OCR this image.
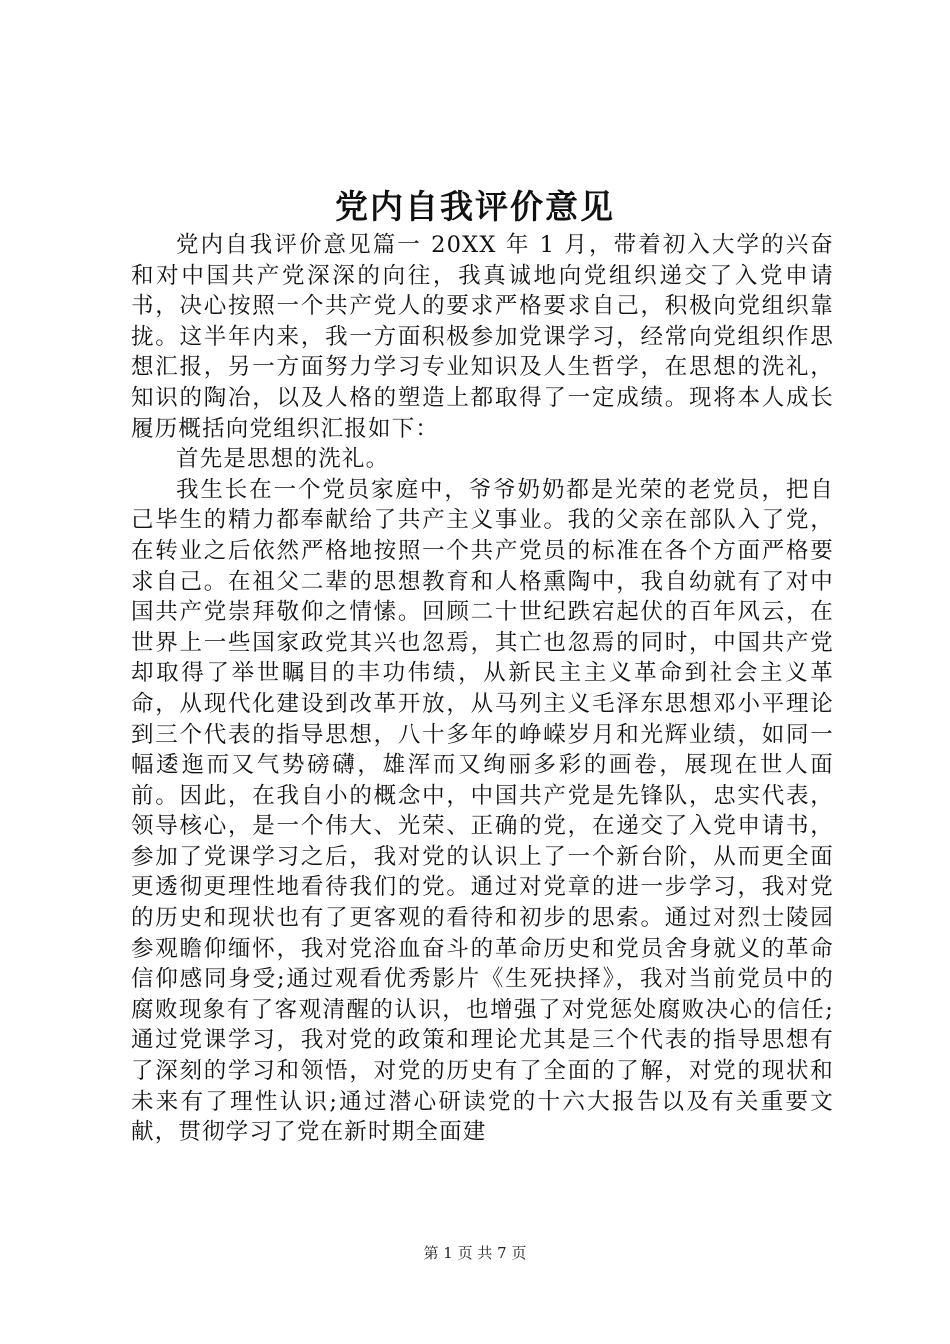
党内自我评价意见

党内自我评价意见篇一 20XX 年 1 月，带着初入大学的兴奋和对中国共产党深深的向往，我真诚地向党组织递交了入党申请书，决心按照一个共产党人的要求严格要求自己，积极向党组织靠拢。这半年内来，我一方面积极参加党课学习，经常向党组织作思想汇报，另一方面努力学习专业知识及人生哲学，在思想的洗礼，知识的陶冶，以及人格的塑造上都取得了一定成绩。现将本人成长履历概括向党组织汇报如下：

首先是思想的洗礼。

我生长在一个党员家庭中，爷爷奶奶都是光荣的老党员，把自己毕生的精力都奉献给了共产主义事业。我的父亲在部队入了党，在转业之后依然严格地按照一个共产党员的标准在各个方面严格要求自己。在祖父二辈的思想教育和人格熏陶中，我自幼就有了对中国共产党崇拜敬仰之情愫。回顾二十世纪跌宕起伏的百年风云，在世界上一些国家政党其兴也忽焉，其亡也忽焉的同时，中国共产党却取得了举世瞩目的丰功伟绩，从新民主主义革命到社会主义革命，从现代化建设到改革开放，从马列主义毛泽东思想邓小平理论到三个代表的指导思想，八十多年的峥嵘岁月和光辉业绩，如同一幅逶迤而又气势磅礴，雄浑而又绚丽多彩的画卷，展现在世人面前。因此，在我自小的概念中，中国共产党是先锋队，忠实代表，领导核心，是一个伟大、光荣、正确的党，在递交了入党申请书，参加了党课学习之后，我对党的认识上了一个新台阶，从而更全面更透彻更理性地看待我们的党。通过对党章的进一步学习，我对党的历史和现状也有了更客观的看待和初步的思索。通过对烈士陵园参观瞻仰缅怀，我对党浴血奋斗的革命历史和党员舍身就义的革命信仰感同身受;通过观看优秀影片《生死抉择》，我对当前党员中的腐败现象有了客观清醒的认识，也增强了对党惩处腐败决心的信任;通过党课学习，我对党的政策和理论尤其是三个代表的指导思想有了深刻的学习和领悟，对党的历史有了全面的了解，对党的现状和未来有了理性认识;通过潜心研读党的十六大报告以及有关重要文献，贯彻学习了党在新时期全面建

第 1 页 共 7 页
